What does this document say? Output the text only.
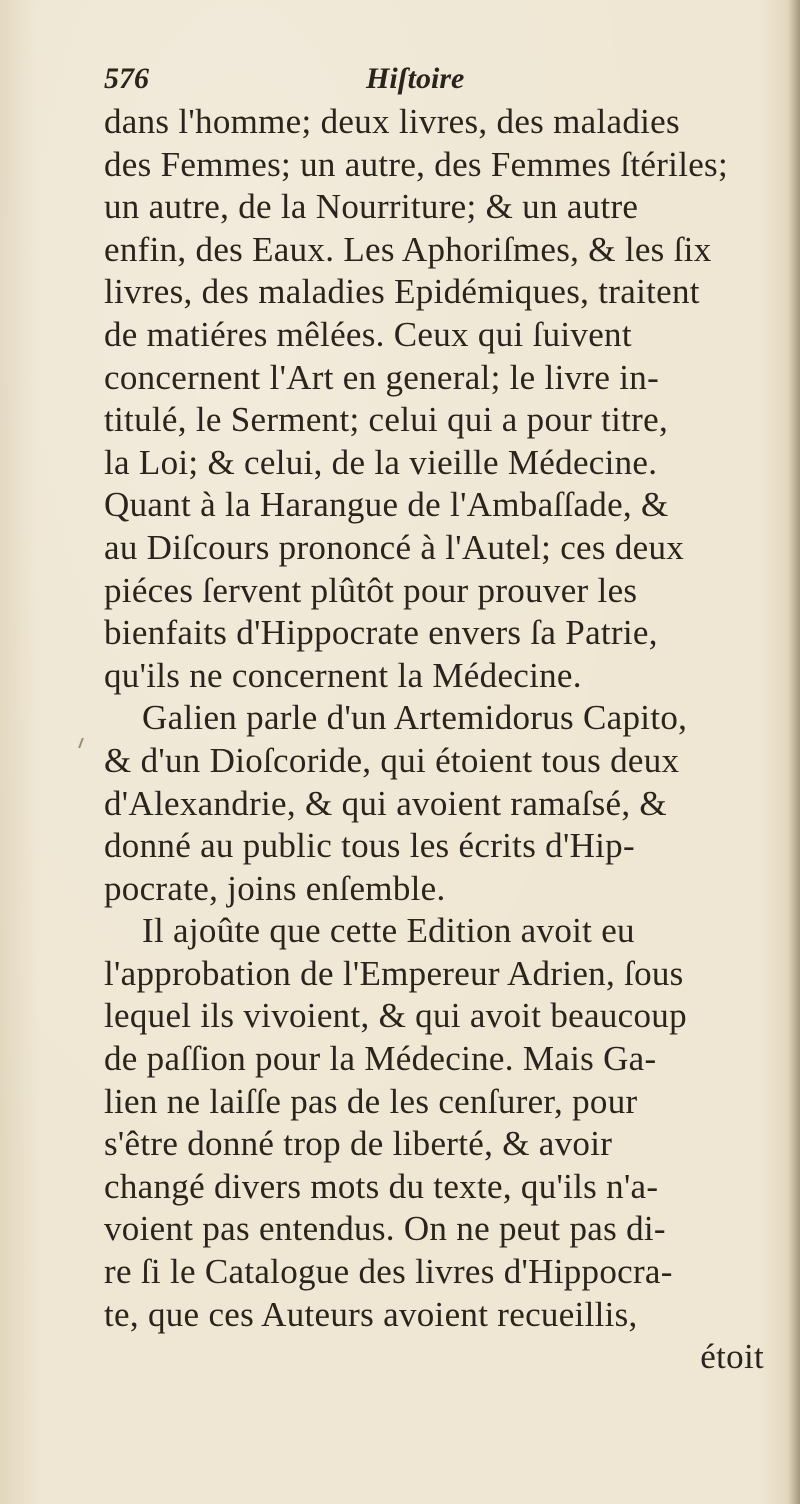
576	Hiſtoire
dans l'homme; deux livres, des maladies
des Femmes; un autre, des Femmes ſtériles;
un autre, de la Nourriture; & un autre
enfin, des Eaux. Les Aphoriſmes, & les ſix
livres, des maladies Epidémiques, traitent
de matiéres mêlées. Ceux qui ſuivent
concernent l'Art en general; le livre in-
titulé, le Serment; celui qui a pour titre,
la Loi; & celui, de la vieille Médecine.
Quant à la Harangue de l'Ambaſſade, &
au Diſcours prononcé à l'Autel; ces deux
piéces ſervent plûtôt pour prouver les
bienfaits d'Hippocrate envers ſa Patrie,
qu'ils ne concernent la Médecine.
Galien parle d'un Artemidorus Capito,
& d'un Dioſcoride, qui étoient tous deux
d'Alexandrie, & qui avoient ramaſsé, &
donné au public tous les écrits d'Hip-
pocrate, joins enſemble.
Il ajoûte que cette Edition avoit eu
l'approbation de l'Empereur Adrien, ſous
lequel ils vivoient, & qui avoit beaucoup
de paſſion pour la Médecine. Mais Ga-
lien ne laiſſe pas de les cenſurer, pour
s'être donné trop de liberté, & avoir
changé divers mots du texte, qu'ils n'a-
voient pas entendus. On ne peut pas di-
re ſi le Catalogue des livres d'Hippocra-
te, que ces Auteurs avoient recueillis,
étoit
